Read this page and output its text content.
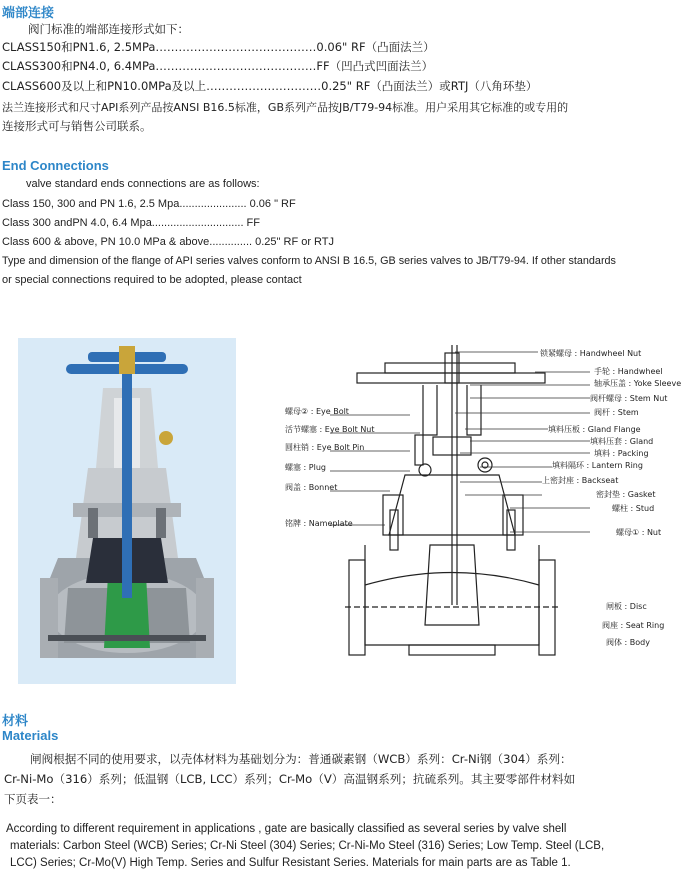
端部连接
阀门标准的端部连接形式如下：
CLASS150和PN1.6, 2.5MPa……………………………………0.06" RF（凸面法兰）
CLASS300和PN4.0, 6.4MPa……………………………………FF（凹凸式凹面法兰）
CLASS600及以上和PN10.0MPa及以上…………………………0.25" RF（凸面法兰）或RTJ（八角环垫）
法兰连接形式和尺寸API系列产品按ANSI B16.5标准，GB系列产品按JB/T79-94标准。用户采用其它标准的或专用的
连接形式可与销售公司联系。
End Connections
valve standard ends connections are as follows:
Class 150, 300 and PN 1.6, 2.5 Mpa...................... 0.06 " RF
Class 300 andPN 4.0, 6.4 Mpa.............................. FF
Class 600 & above, PN 10.0 MPa & above.............. 0.25" RF or RTJ
Type and dimension of the flange of API series valves conform to ANSI B 16.5, GB series valves to JB/T79-94. If other standards
or special connections required to be adopted, please contact
锁紧螺母 : Handwheel Nut
手轮 : Handwheel
轴承压盖 : Yoke Sleeve
阀杆螺母 : Stem Nut
阀杆 : Stem
填料压板 : Gland Flange
填料压套 : Gland
填料 : Packing
填料隔环 : Lantern Ring
上密封座 : Backseat
密封垫 : Gasket
螺柱 : Stud
螺母① : Nut
闸板 : Disc
阀座 : Seat Ring
阀体 : Body
螺母② : Eye Bolt
活节螺塞 : Eye Bolt Nut
圆柱销 : Eye Bolt Pin
螺塞 : Plug
阀盖 : Bonnet
铭牌 : Nameplate
材料
Materials
闸阀根据不同的使用要求，以壳体材料为基础划分为：普通碳素钢（WCB）系列：Cr-Ni钢（304）系列：
Cr-Ni-Mo（316）系列；低温钢（LCB, LCC）系列；Cr-Mo（V）高温钢系列；抗硫系列。其主要零部件材料如
下页表一：
According to different requirement in applications , gate are basically classified as several series by valve shell
materials: Carbon Steel (WCB) Series; Cr-Ni Steel (304) Series; Cr-Ni-Mo Steel (316) Series; Low Temp. Steel (LCB,
LCC) Series; Cr-Mo(V) High Temp. Series and Sulfur Resistant Series. Materials for main parts are as Table 1.
